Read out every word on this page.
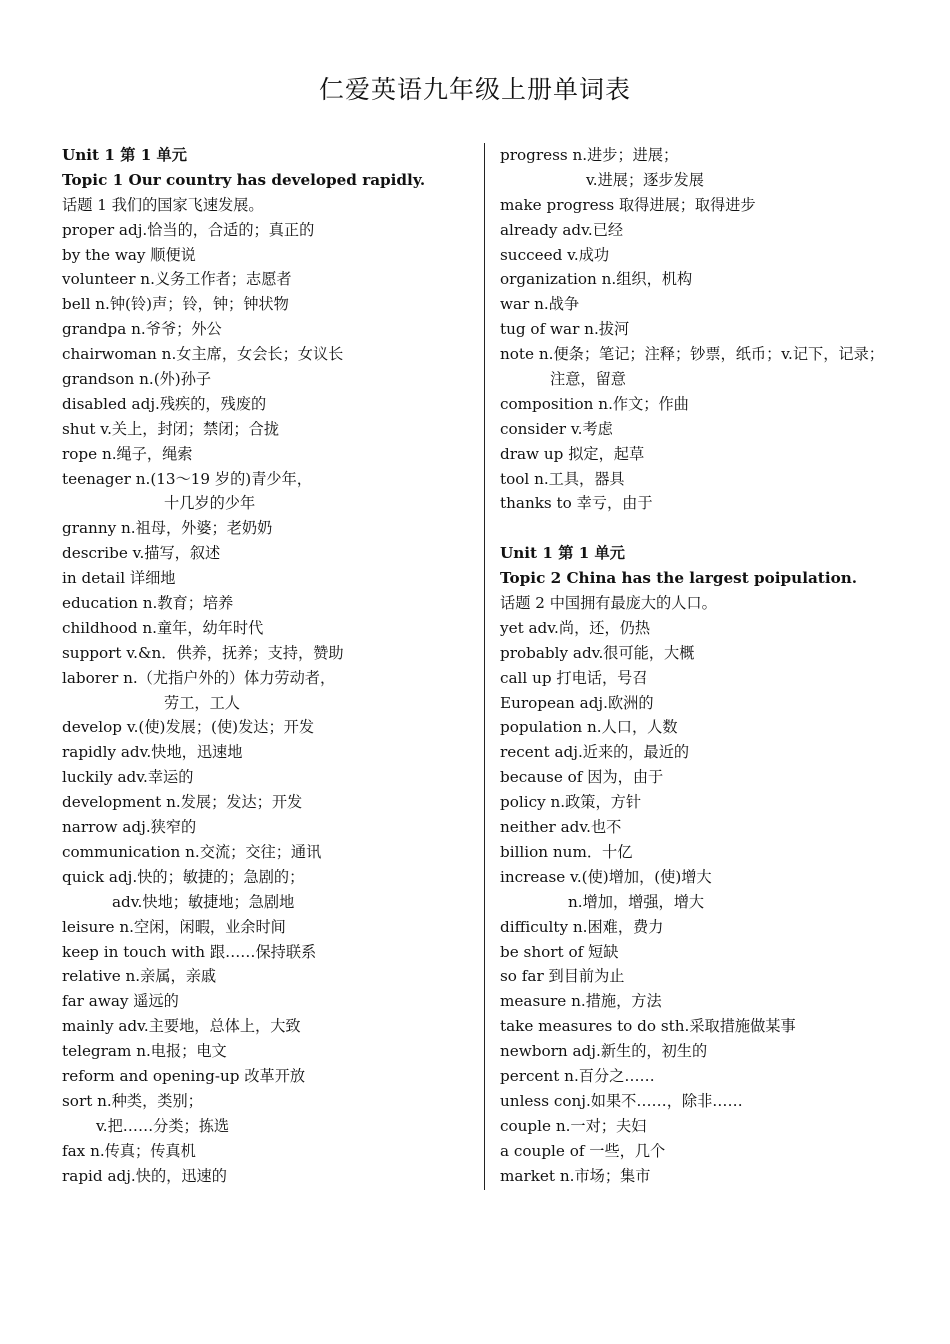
仁爱英语九年级上册单词表
Unit 1 第 1 单元
Topic 1 Our country has developed rapidly.
话题 1 我们的国家飞速发展。
proper adj.恰当的，合适的；真正的
by the way 顺便说
volunteer n.义务工作者；志愿者
bell n.钟(铃)声；铃，钟；钟状物
grandpa n.爷爷；外公
chairwoman n.女主席，女会长；女议长
grandson n.(外)孙子
disabled adj.残疾的，残废的
shut v.关上，封闭；禁闭；合拢
rope n.绳子，绳索
teenager n.(13～19 岁的)青少年，
十几岁的少年
granny n.祖母，外婆；老奶奶
describe v.描写，叙述
in detail 详细地
education n.教育；培养
childhood n.童年，幼年时代
support v.&n．供养，抚养；支持，赞助
laborer n.（尤指户外的）体力劳动者，
劳工，工人
develop v.(使)发展；(使)发达；开发
rapidly adv.快地，迅速地
luckily adv.幸运的
development n.发展；发达；开发
narrow adj.狭窄的
communication n.交流；交往；通讯
quick adj.快的；敏捷的；急剧的；
adv.快地；敏捷地；急剧地
leisure n.空闲，闲暇，业余时间
keep in touch with 跟……保持联系
relative n.亲属，亲戚
far away 遥远的
mainly adv.主要地，总体上，大致
telegram n.电报；电文
reform and opening-up 改革开放
sort n.种类，类别；
v.把……分类；拣选
fax n.传真；传真机
rapid adj.快的，迅速的
progress n.进步；进展；
v.进展；逐步发展
make progress 取得进展；取得进步
already adv.已经
succeed v.成功
organization n.组织，机构
war n.战争
tug of war n.拔河
note n.便条；笔记；注释；钞票，纸币；v.记下，记录；
注意，留意
composition n.作文；作曲
consider v.考虑
draw up 拟定，起草
tool n.工具，器具
thanks to 幸亏，由于

Unit 1 第 1 单元
Topic 2 China has the largest poipulation.
话题 2 中国拥有最庞大的人口。
yet adv.尚，还，仍热
probably adv.很可能，大概
call up 打电话，号召
European adj.欧洲的
population n.人口，人数
recent adj.近来的，最近的
because of 因为，由于
policy n.政策，方针
neither adv.也不
billion num．十亿
increase v.(使)增加，(使)增大
n.增加，增强，增大
difficulty n.困难，费力
be short of 短缺
so far 到目前为止
measure n.措施，方法
take measures to do sth.采取措施做某事
newborn adj.新生的，初生的
percent n.百分之……
unless conj.如果不……，除非……
couple n.一对；夫妇
a couple of 一些，几个
market n.市场；集市
